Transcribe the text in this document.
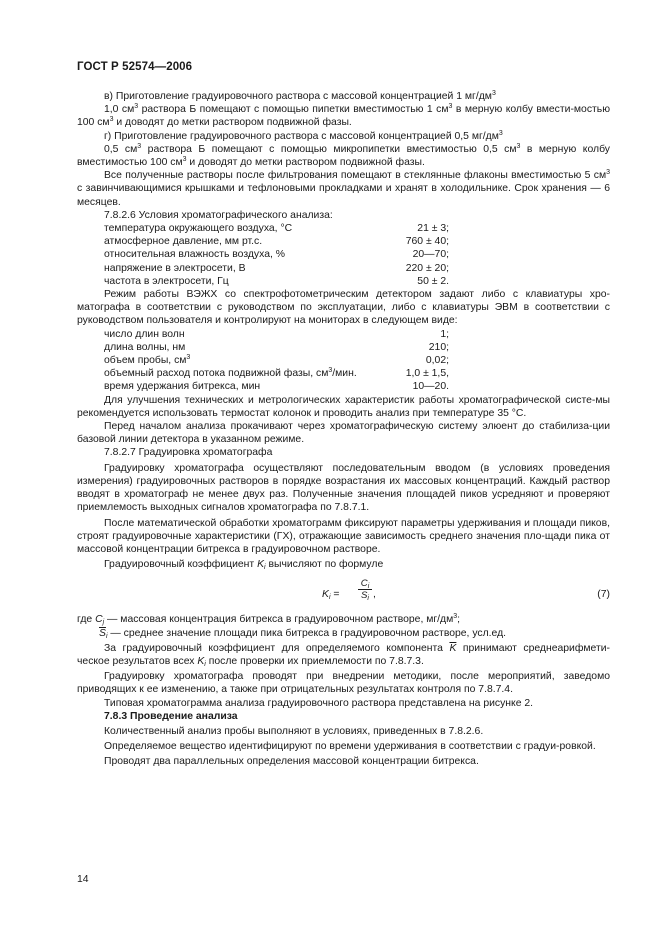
ГОСТ Р 52574—2006

в) Приготовление градуировочного раствора с массовой концентрацией 1 $мг/дм^3$

1,0 $см^3$ раствора Б помещают с помощью пипетки вместимостью 1 $см^3$ в мерную колбу вмести-мостью 100 $см^3$ и доводят до метки раствором подвижной фазы.

г) Приготовление градуировочного раствора с массовой концентрацией 0,5 $мг/дм^3$

0,5 $см^3$ раствора Б помещают с помощью микропипетки вместимостью 0,5 $см^3$ в мерную колбу вместимостью 100 $см^3$ и доводят до метки раствором подвижной фазы.

Все полученные растворы после фильтрования помещают в стеклянные флаконы вместимостью 5 $см^3$ с завинчивающимися крышками и тефлоновыми прокладками и хранят в холодильнике. Срок хранения — 6 месяцев.

7.8.2.6 Условия хроматографического анализа:

температура окружающего воздуха, °С	21 ± 3;
атмосферное давление, мм рт.с.	760 ± 40;
относительная влажность воздуха, %	20—70;
напряжение в электросети, В	220 ± 20;
частота в электросети, Гц	50 ± 2.

Режим работы ВЭЖХ со спектрофотометрическим детектором задают либо с клавиатуры хро-матографа в соответствии с руководством по эксплуатации, либо с клавиатуры ЭВМ в соответствии с руководством пользователя и контролируют на мониторах в следующем виде:

число длин волн	1;
длина волны, нм	210;
объем пробы, $см^3$	0,02;
объемный расход потока подвижной фазы, $см^3$/мин.	1,0 ± 1,5,
время удержания битрекса, мин	10—20.

Для улучшения технических и метрологических характеристик работы хроматографической систе-мы рекомендуется использовать термостат колонок и проводить анализ при температуре 35 °С.

Перед началом анализа прокачивают через хроматографическую систему элюент до стабилиза-ции базовой линии детектора в указанном режиме.

7.8.2.7 Градуировка хроматографа

Градуировку хроматографа осуществляют последовательным вводом (в условиях проведения измерения) градуировочных растворов в порядке возрастания их массовых концентраций. Каждый раствор вводят в хроматограф не менее двух раз. Полученные значения площадей пиков усредняют и проверяют приемлемость выходных сигналов хроматографа по 7.8.7.1.

После математической обработки хроматограмм фиксируют параметры удерживания и площади пиков, строят градуировочные характеристики (ГХ), отражающие зависимость среднего значения пло-щади пика от массовой концентрации битрекса в градуировочном растворе.

Градуировочный коэффициент $K_i$ вычисляют по формуле

$K_i = \frac{C_i}{S_i}$ ,	(7)

где $C_j$ — массовая концентрация битрекса в градуировочном растворе, $мг/дм^3$;

$\overline{S}_i$ — среднее значение площади пика битрекса в градуировочном растворе, усл.ед.

За градуировочный коэффициент для определяемого компонента $\overline{K}$ принимают среднеарифмети-ческое результатов всех $K_i$ после проверки их приемлемости по 7.8.7.3.

Градуировку хроматографа проводят при внедрении методики, после мероприятий, заведомо приводящих к ее изменению, а также при отрицательных результатах контроля по 7.8.7.4.

Типовая хроматограмма анализа градуировочного раствора представлена на рисунке 2.

7.8.3 Проведение анализа

Количественный анализ пробы выполняют в условиях, приведенных в 7.8.2.6.

Определяемое вещество идентифицируют по времени удерживания в соответствии с градуи-ровкой.

Проводят два параллельных определения массовой концентрации битрекса.

14
